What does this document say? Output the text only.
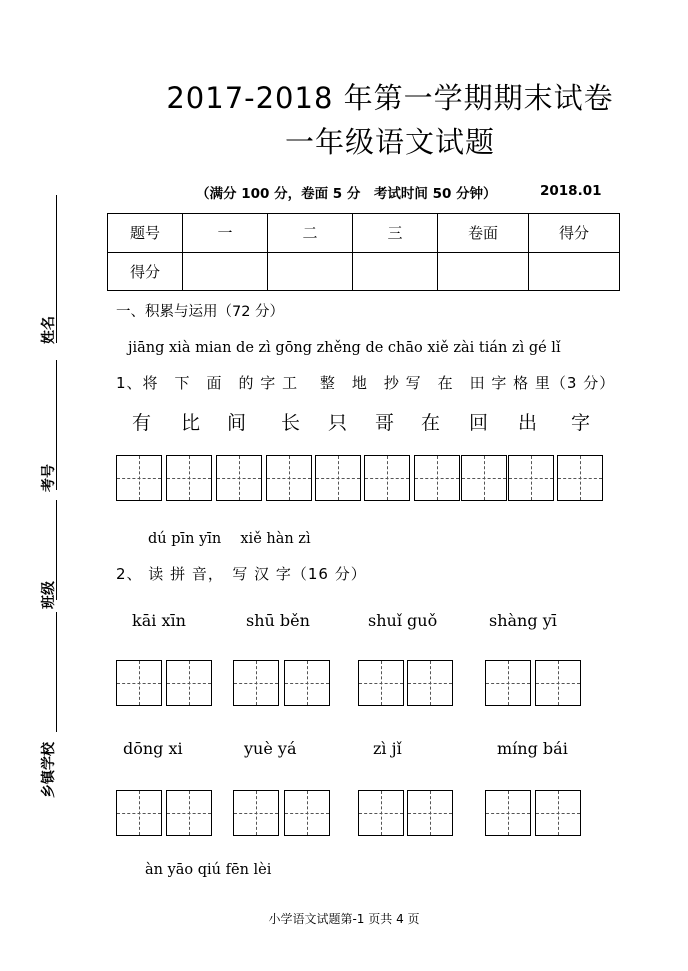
姓名
考号
班级
乡镇学校
2017-2018 年第一学期期末试卷
一年级语文试题
（满分 100 分，卷面 5 分　考试时间 50 分钟）	2018.01
题号	一	二	三	卷面	得分
得分					
一、积累与运用（72 分）
jiāng xià mian de zì gōng zhěng de chāo xiě zài tián zì gé lǐ
1、将　下　面　的 字 工　 整　地　抄 写　在　田 字 格 里（3 分）
有 比 间 长 只 哥 在 回 出 字
dú pīn yīn　 xiě hàn zì
2、 读 拼 音，　写 汉 字（16 分）
kāi xīn	shū běn	shuǐ guǒ	shàng yī
dōng xi	yuè yá	zì jǐ	míng bái
àn yāo qiú fēn lèi
小学语文试题第-1 页共 4 页
